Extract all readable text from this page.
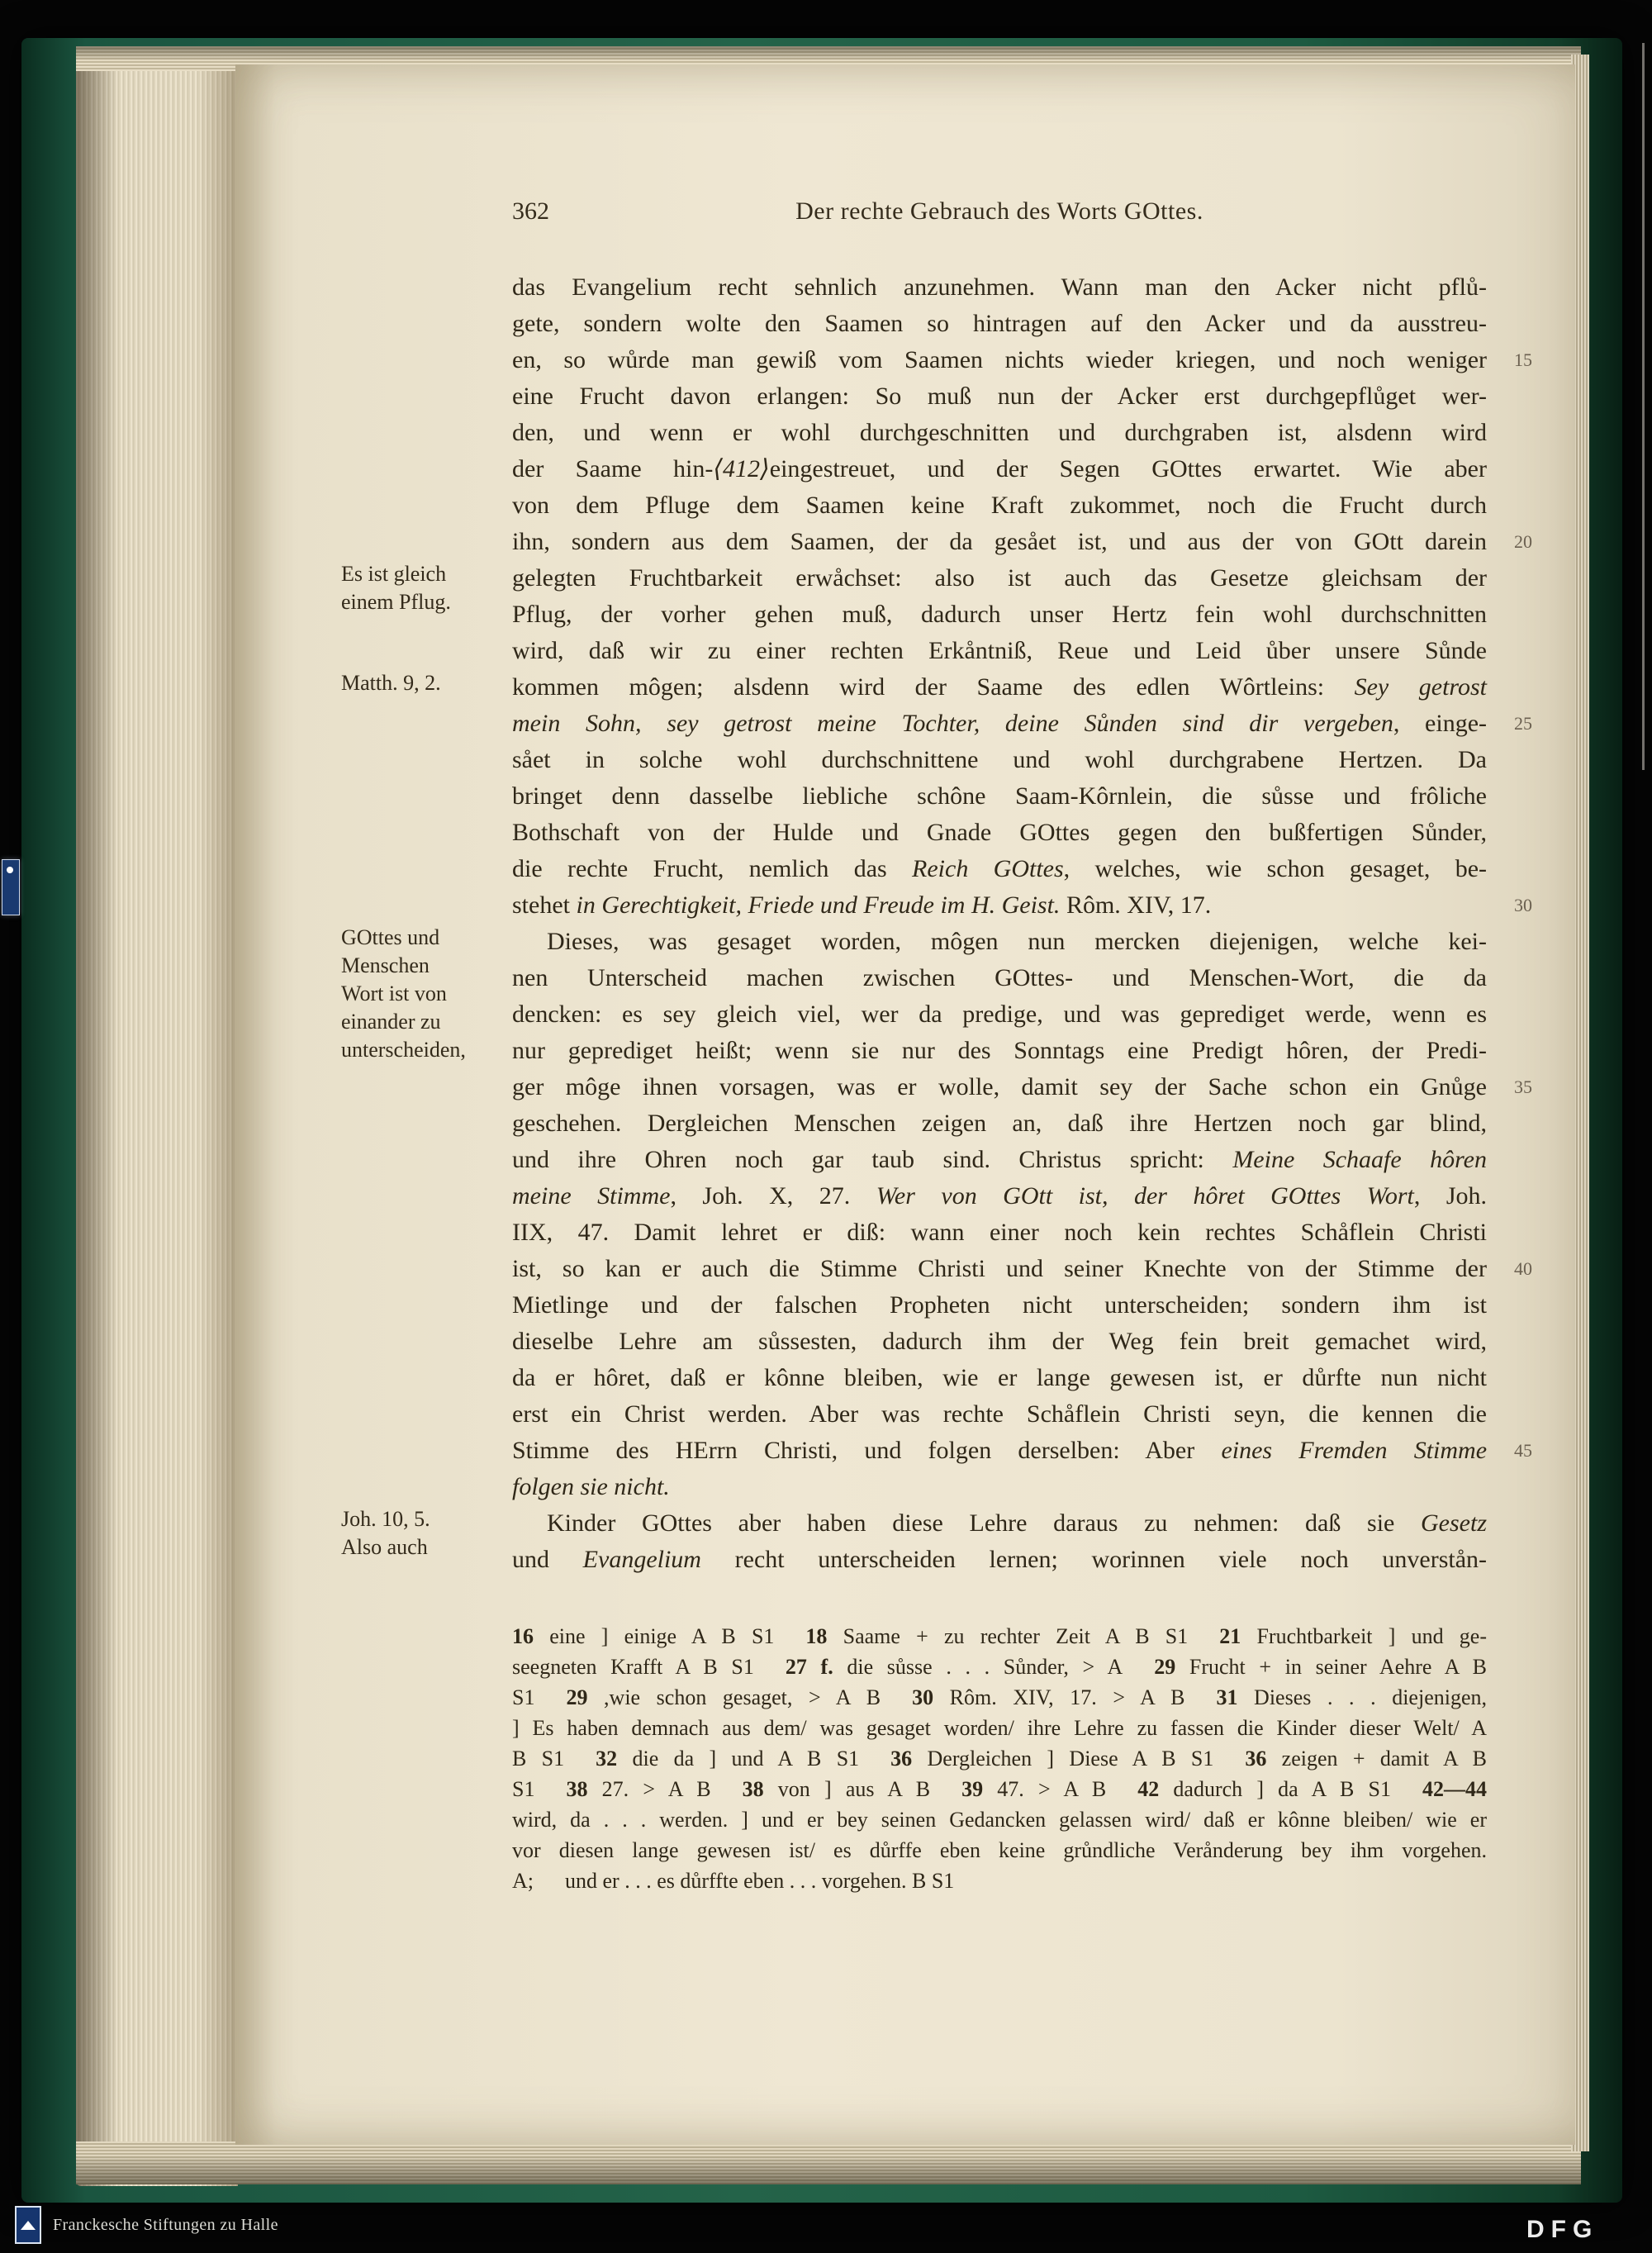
362	Der rechte Gebrauch des Worts GOttes.
Es ist gleich
einem Pflug.
Matth. 9, 2.
GOttes und
Menschen
Wort ist von
einander zu
unterscheiden,
Joh. 10, 5.
Also auch
das Evangelium recht sehnlich anzunehmen. Wann man den Acker nicht pflů-
gete, sondern wolte den Saamen so hintragen auf den Acker und da ausstreu-
en, so wůrde man gewiß vom Saamen nichts wieder kriegen, und noch weniger
eine Frucht davon erlangen: So muß nun der Acker erst durchgepflůget wer-
den, und wenn er wohl durchgeschnitten und durchgraben ist, alsdenn wird
der Saame hin-⟨412⟩eingestreuet, und der Segen GOttes erwartet. Wie aber
von dem Pfluge dem Saamen keine Kraft zukommet, noch die Frucht durch
ihn, sondern aus dem Saamen, der da gesået ist, und aus der von GOtt darein
gelegten Fruchtbarkeit erwåchset: also ist auch das Gesetze gleichsam der
Pflug, der vorher gehen muß, dadurch unser Hertz fein wohl durchschnitten
wird, daß wir zu einer rechten Erkåntniß, Reue und Leid ůber unsere Sůnde
kommen môgen; alsdenn wird der Saame des edlen Wôrtleins: Sey getrost
mein Sohn, sey getrost meine Tochter, deine Sůnden sind dir vergeben, einge-
sået in solche wohl durchschnittene und wohl durchgrabene Hertzen. Da
bringet denn dasselbe liebliche schône Saam-Kôrnlein, die sůsse und frôliche
Bothschaft von der Hulde und Gnade GOttes gegen den bußfertigen Sůnder,
die rechte Frucht, nemlich das Reich GOttes, welches, wie schon gesaget, be-
stehet in Gerechtigkeit, Friede und Freude im H. Geist. Rôm. XIV, 17.
Dieses, was gesaget worden, môgen nun mercken diejenigen, welche kei-
nen Unterscheid machen zwischen GOttes- und Menschen-Wort, die da
dencken: es sey gleich viel, wer da predige, und was geprediget werde, wenn es
nur geprediget heißt; wenn sie nur des Sonntags eine Predigt hôren, der Predi-
ger môge ihnen vorsagen, was er wolle, damit sey der Sache schon ein Gnůge
geschehen. Dergleichen Menschen zeigen an, daß ihre Hertzen noch gar blind,
und ihre Ohren noch gar taub sind. Christus spricht: Meine Schaafe hôren
meine Stimme, Joh. X, 27. Wer von GOtt ist, der hôret GOttes Wort, Joh.
IIX, 47. Damit lehret er diß: wann einer noch kein rechtes Schåflein Christi
ist, so kan er auch die Stimme Christi und seiner Knechte von der Stimme der
Mietlinge und der falschen Propheten nicht unterscheiden; sondern ihm ist
dieselbe Lehre am sůssesten, dadurch ihm der Weg fein breit gemachet wird,
da er hôret, daß er kônne bleiben, wie er lange gewesen ist, er důrfte nun nicht
erst ein Christ werden. Aber was rechte Schåflein Christi seyn, die kennen die
Stimme des HErrn Christi, und folgen derselben: Aber eines Fremden Stimme
folgen sie nicht.
Kinder GOttes aber haben diese Lehre daraus zu nehmen: daß sie Gesetz
und Evangelium recht unterscheiden lernen; worinnen viele noch unverstån-
15
20
25
30
35
40
45
16 eine ] einige A B S1 18 Saame + zu rechter Zeit A B S1 21 Fruchtbarkeit ] und ge-
seegneten Krafft A B S1 27 f. die sůsse . . . Sůnder, > A 29 Frucht + in seiner Aehre A B
S1 29 ,wie schon gesaget, > A B 30 Rôm. XIV, 17. > A B 31 Dieses . . . diejenigen,
] Es haben demnach aus dem/ was gesaget worden/ ihre Lehre zu fassen die Kinder dieser Welt/ A
B S1 32 die da ] und A B S1 36 Dergleichen ] Diese A B S1 36 zeigen + damit A B
S1 38 27. > A B 38 von ] aus A B 39 47. > A B 42 dadurch ] da A B S1 42—44
wird, da . . . werden. ] und er bey seinen Gedancken gelassen wird/ daß er kônne bleiben/ wie er
vor diesen lange gewesen ist/ es důrffe eben keine grůndliche Verånderung bey ihm vorgehen.
A; und er . . . es důrffte eben . . . vorgehen. B S1
Franckesche Stiftungen zu Halle	DFG
